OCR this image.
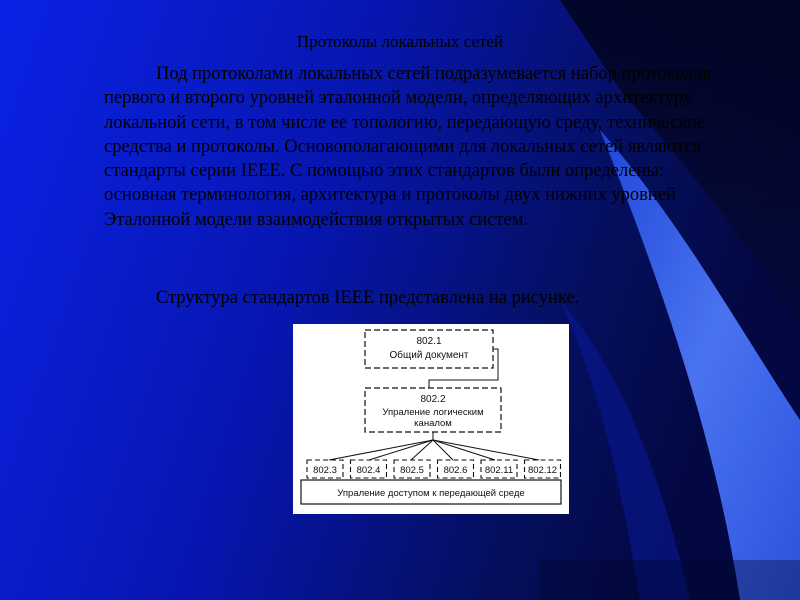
Протоколы локальных сетей

Под протоколами локальных сетей подразумевается набор протоколов первого и второго уровней эталонной модели, определяющих архитектуру локальной сети, в том числе ее топологию, передающую среду, технические средства и протоколы. Основополагающими для локальных сетей являются стандарты серии IEEE. С помощью этих стандартов были определены: основная терминология, архитектура и протоколы двух нижних уровней Эталонной модели взаимодействия открытых систем.

Структура стандартов IEEE представлена на рисунке.

802.1
Общий документ
802.2
Упраление логическим
каналом
802.3 802.4 802.5 802.6 802.11 802.12
Упраление доступом к передающей среде
